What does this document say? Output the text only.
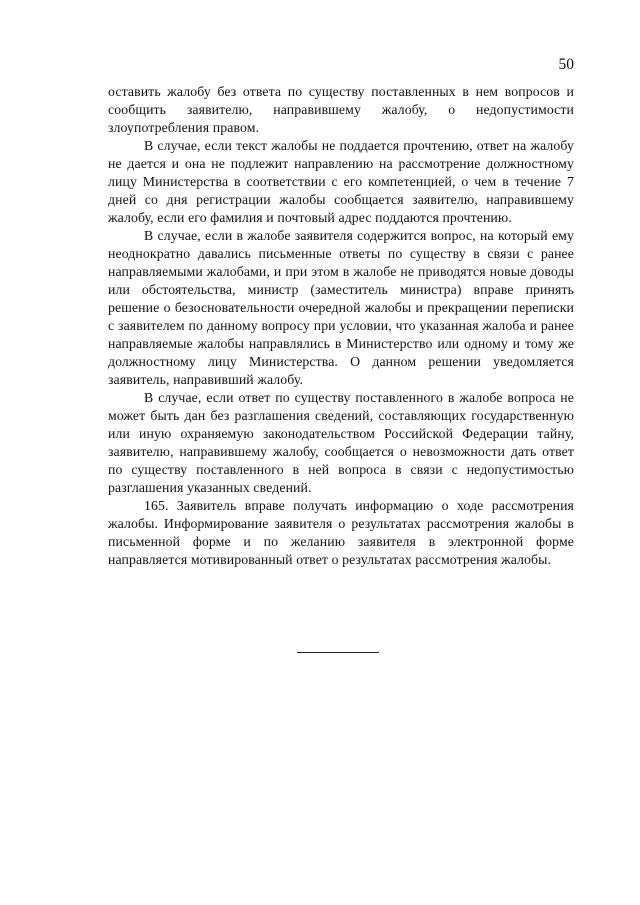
50

оставить жалобу без ответа по существу поставленных в нем вопросов и сообщить заявителю, направившему жалобу, о недопустимости злоупотребления правом.

В случае, если текст жалобы не поддается прочтению, ответ на жалобу не дается и она не подлежит направлению на рассмотрение должностному лицу Министерства в соответствии с его компетенцией, о чем в течение 7 дней со дня регистрации жалобы сообщается заявителю, направившему жалобу, если его фамилия и почтовый адрес поддаются прочтению.

В случае, если в жалобе заявителя содержится вопрос, на который ему неоднократно давались письменные ответы по существу в связи с ранее направляемыми жалобами, и при этом в жалобе не приводятся новые доводы или обстоятельства, министр (заместитель министра) вправе принять решение о безосновательности очередной жалобы и прекращении переписки с заявителем по данному вопросу при условии, что указанная жалоба и ранее направляемые жалобы направлялись в Министерство или одному и тому же должностному лицу Министерства. О данном решении уведомляется заявитель, направивший жалобу.

В случае, если ответ по существу поставленного в жалобе вопроса не может быть дан без разглашения сведений, составляющих государственную или иную охраняемую законодательством Российской Федерации тайну, заявителю, направившему жалобу, сообщается о невозможности дать ответ по существу поставленного в ней вопроса в связи с недопустимостью разглашения указанных сведений.

165. Заявитель вправе получать информацию о ходе рассмотрения жалобы. Информирование заявителя о результатах рассмотрения жалобы в письменной форме и по желанию заявителя в электронной форме направляется мотивированный ответ о результатах рассмотрения жалобы.
